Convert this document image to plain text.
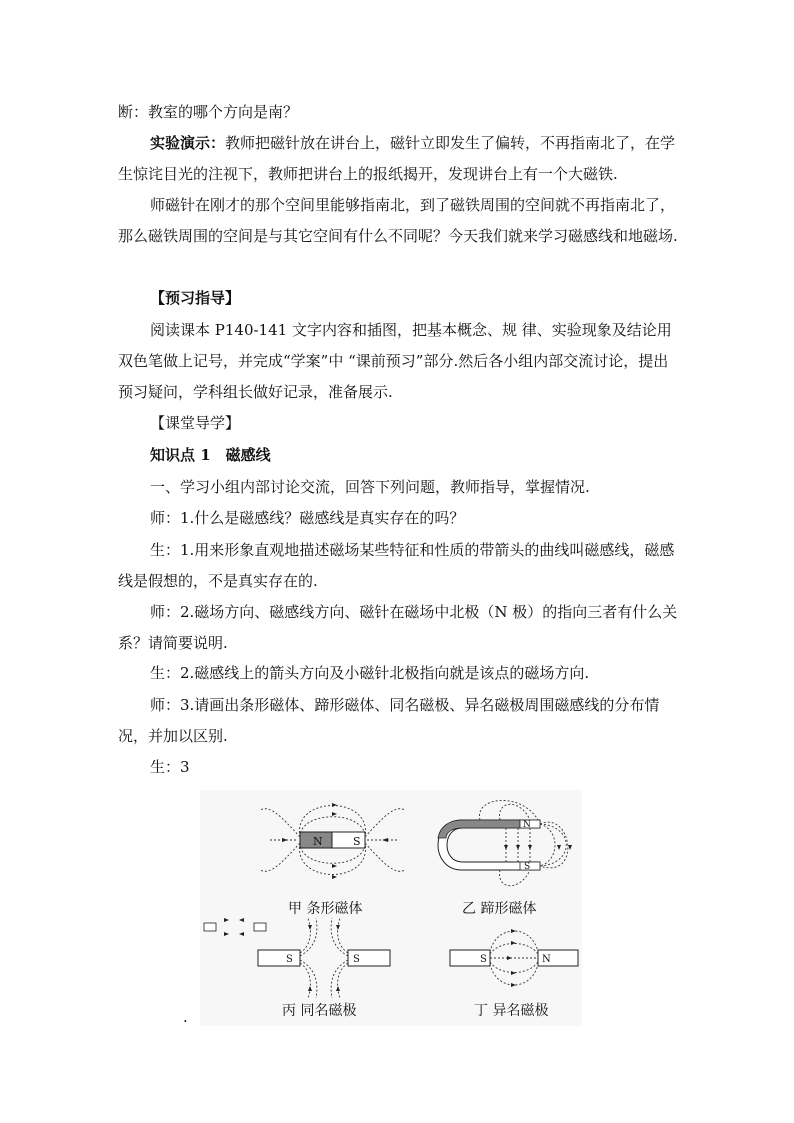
断：教室的哪个方向是南？

实验演示：教师把磁针放在讲台上，磁针立即发生了偏转，不再指南北了，在学生惊诧目光的注视下，教师把讲台上的报纸揭开，发现讲台上有一个大磁铁.

师磁针在刚才的那个空间里能够指南北，到了磁铁周围的空间就不再指南北了，那么磁铁周围的空间是与其它空间有什么不同呢？今天我们就来学习磁感线和地磁场.

【预习指导】

阅读课本 P140-141 文字内容和插图，把基本概念、规 律、实验现象及结论用双色笔做上记号，并完成“学案”中 “课前预习”部分.然后各小组内部交流讨论，提出预习疑问，学科组长做好记录，准备展示.

【课堂导学】

知识点 1　磁感线

一、学习小组内部讨论交流，回答下列问题，教师指导，掌握情况.

师：1.什么是磁感线？磁感线是真实存在的吗？

生：1.用来形象直观地描述磁场某些特征和性质的带箭头的曲线叫磁感线，磁感线是假想的，不是真实存在的.

师：2.磁场方向、磁感线方向、磁针在磁场中北极（N 极）的指向三者有什么关系？请简要说明.

生：2.磁感线上的箭头方向及小磁针北极指向就是该点的磁场方向.

师：3.请画出条形磁体、蹄形磁体、同名磁极、异名磁极周围磁感线的分布情况，并加以区别.

生：3

N	S
甲 条形磁体
N
S
乙 蹄形磁体
S	S
丙 同名磁极
S	N
丁 异名磁极

.
